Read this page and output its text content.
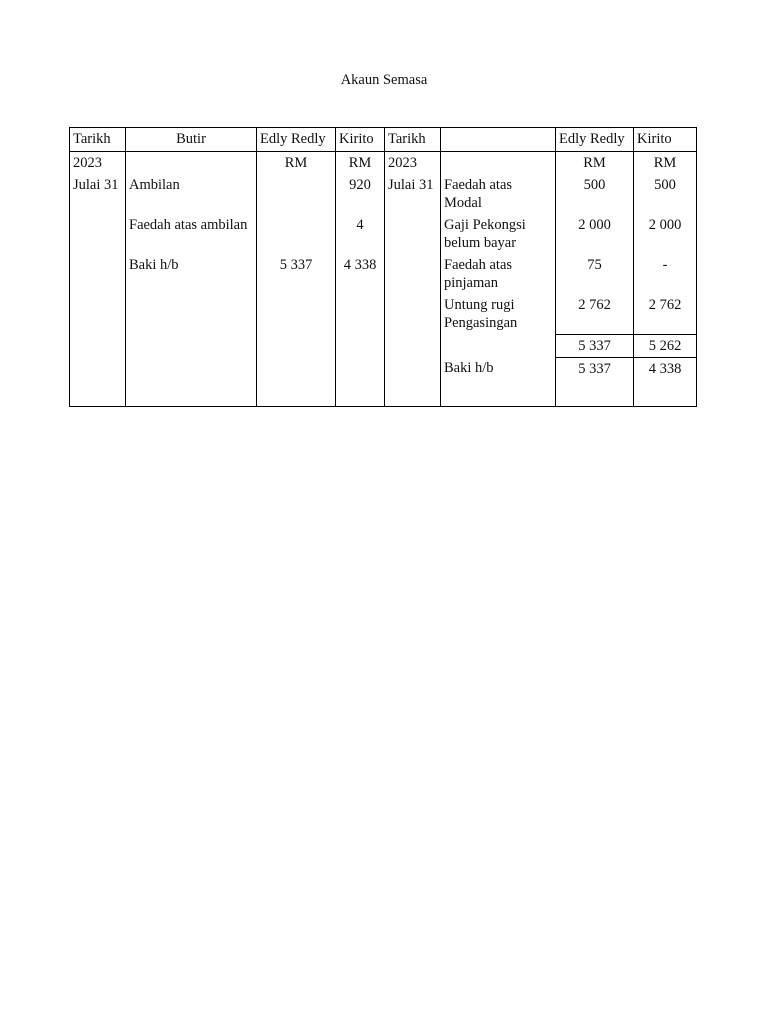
Akaun Semasa
Tarikh	Butir	Edly Redly	Kirito	Tarikh		Edly Redly	Kirito
2023		RM	RM	2023		RM	RM
Julai 31	Ambilan		920	Julai 31	Faedah atas Modal	500	500
	Faedah atas ambilan		4		Gaji Pekongsi belum bayar	2 000	2 000
	Baki h/b	5 337	4 338		Faedah atas pinjaman	75	-
					Untung rugi Pengasingan	2 762	2 762
						5 337	5 262
					Baki h/b	5 337	4 338
